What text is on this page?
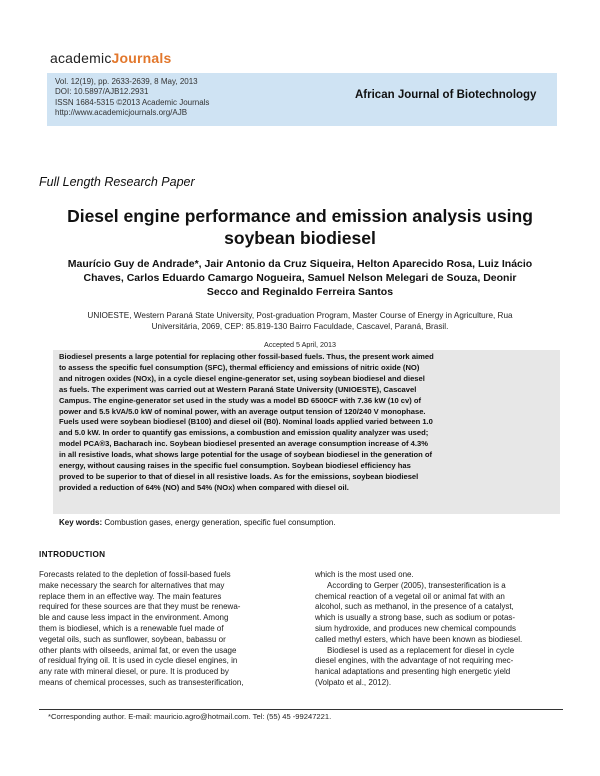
academicJournals
Vol. 12(19), pp. 2633-2639, 8 May, 2013
DOI: 10.5897/AJB12.2931
ISSN 1684-5315 ©2013 Academic Journals
http://www.academicjournals.org/AJB
African Journal of Biotechnology
Full Length Research Paper
Diesel engine performance and emission analysis using
soybean biodiesel
Maurício Guy de Andrade*, Jair Antonio da Cruz Siqueira, Helton Aparecido Rosa, Luiz Inácio
Chaves, Carlos Eduardo Camargo Nogueira, Samuel Nelson Melegari de Souza, Deonir
Secco and Reginaldo Ferreira Santos
UNIOESTE, Western Paraná State University, Post-graduation Program, Master Course of Energy in Agriculture, Rua
Universitária, 2069, CEP: 85.819-130 Bairro Faculdade, Cascavel, Paraná, Brasil.
Accepted 5 April, 2013
Biodiesel presents a large potential for replacing other fossil-based fuels. Thus, the present work aimed
to assess the specific fuel consumption (SFC), thermal efficiency and emissions of nitric oxide (NO)
and nitrogen oxides (NOx), in a cycle diesel engine-generator set, using soybean biodiesel and diesel
as fuels. The experiment was carried out at Western Paraná State University (UNIOESTE), Cascavel
Campus. The engine-generator set used in the study was a model BD 6500CF with 7.36 kW (10 cv) of
power and 5.5 kVA/5.0 kW of nominal power, with an average output tension of 120/240 V monophase.
Fuels used were soybean biodiesel (B100) and diesel oil (B0). Nominal loads applied varied between 1.0
and 5.0 kW. In order to quantify gas emissions, a combustion and emission quality analyzer was used;
model PCA®3, Bacharach inc. Soybean biodiesel presented an average consumption increase of 4.3%
in all resistive loads, what shows large potential for the usage of soybean biodiesel in the generation of
energy, without causing raises in the specific fuel consumption. Soybean biodiesel efficiency has
proved to be superior to that of diesel in all resistive loads. As for the emissions, soybean biodiesel
provided a reduction of 64% (NO) and 54% (NOx) when compared with diesel oil.
Key words: Combustion gases, energy generation, specific fuel consumption.
INTRODUCTION

Forecasts related to the depletion of fossil-based fuels

make necessary the search for alternatives that may

replace them in an effective way. The main features

required for these sources are that they must be renewa-

ble and cause less impact in the environment. Among

them is biodiesel, which is a renewable fuel made of

vegetal oils, such as sunflower, soybean, babassu or

other plants with oilseeds, animal fat, or even the usage

of residual frying oil. It is used in cycle diesel engines, in

any rate with mineral diesel, or pure. It is produced by

means of chemical processes, such as transesterification,

which is the most used one.

According to Gerper (2005), transesterification is a

chemical reaction of a vegetal oil or animal fat with an

alcohol, such as methanol, in the presence of a catalyst,

which is usually a strong base, such as sodium or potas-

sium hydroxide, and produces new chemical compounds

called methyl esters, which have been known as biodiesel.

Biodiesel is used as a replacement for diesel in cycle

diesel engines, with the advantage of not requiring mec-

hanical adaptations and presenting high energetic yield

(Volpato et al., 2012).

*Corresponding author. E-mail: mauricio.agro@hotmail.com. Tel: (55) 45 -99247221.
